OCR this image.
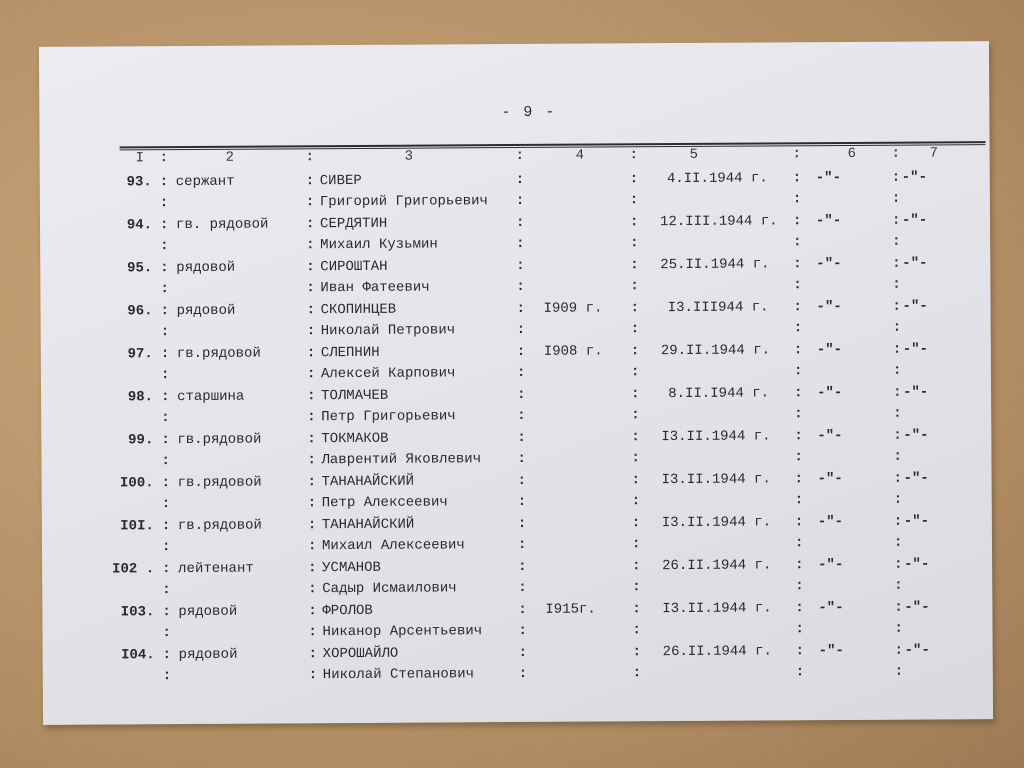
- 9 -
I :	2	:	3	:	4	:	5	:	6	: 7
93. : сержант	: СИВЕР	:	:	4.II.1944 г. : -"-	: -"-
:	: Григорий Григорьевич :	:	:	:
94. : гв. рядовой	: СЕРДЯТИН	:	: 12.III.1944 г. : -"-	: -"-
:	: Михаил Кузьмин	:	:	:	:
95. : рядовой	: СИРОШТАН	:	: 25.II.1944 г. : -"-	: -"-
:	: Иван Фатеевич	:	:	:	:
96. : рядовой	: СКОПИНЦЕВ	: I909 г. :	I3.III944 г. : -"-	: -"-
:	: Николай Петрович	:	:	:	:
97. : гв.рядовой	: СЛЕПНИН	: I908 г. : 29.II.1944 г. : -"-	: -"-
:	: Алексей Карпович	:	:	:	:
98. : старшина	: ТОЛМАЧЕВ	:	:	8.II.I944 г. : -"-	: -"-
:	: Петр Григорьевич	:	:	:	:
99. : гв.рядовой	: ТОКМАКОВ	:	: I3.II.1944 г. : -"-	: -"-
:	: Лаврентий Яковлевич	:	:	:	:
I00. : гв.рядовой	: ТАНАНАЙСКИЙ	:	: I3.II.1944 г. : -"-	: -"-
:	: Петр Алексеевич	:	:	:	:
I0I. : гв.рядовой	: ТАНАНАЙСКИЙ	:	: I3.II.1944 г. : -"-	: -"-
:	: Михаил Алексеевич	:	:	:	:
I02 . : лейтенант	: УСМАНОВ	:	: 26.II.1944 г. : -"-	: -"-
:	: Садыр Исмаилович	:	:	:	:
I03. : рядовой	: ФРОЛОВ	: I915г.	: I3.II.1944 г. : -"-	: -"-
:	: Никанор Арсентьевич	:	:	:	:
I04. : рядовой	: ХОРОШАЙЛО	:	: 26.II.1944 г. : -"-	: -"-
:	: Николай Степанович	:	:	:	:
